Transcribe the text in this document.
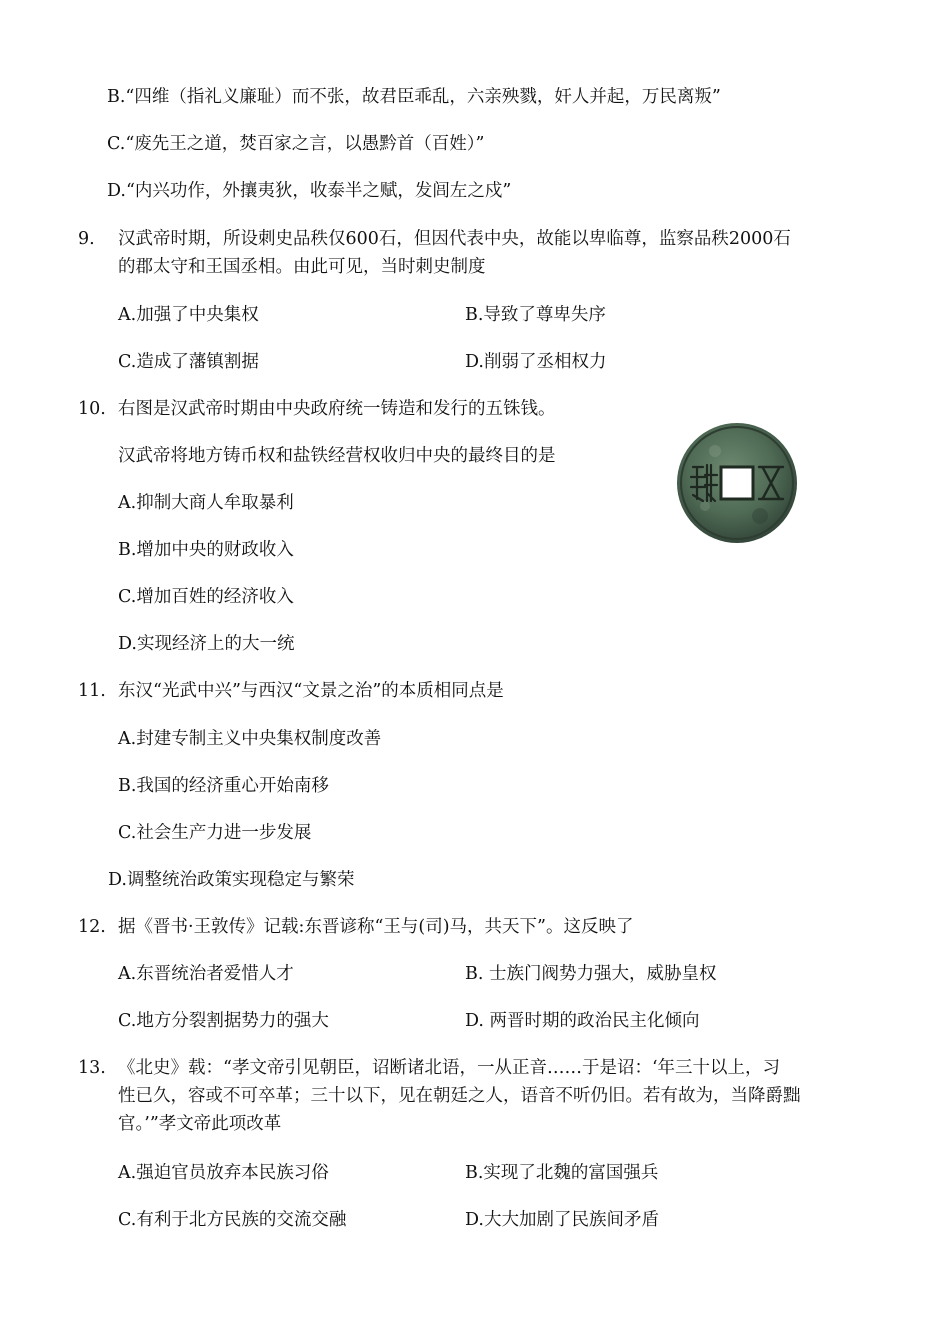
B.“四维（指礼义廉耻）而不张，故君臣乖乱，六亲殃戮，奸人并起，万民离叛”
C.“废先王之道，焚百家之言，以愚黔首（百姓）”
D.“内兴功作，外攘夷狄，收泰半之赋，发闾左之戍”
9. 汉武帝时期，所设刺史品秩仅600石，但因代表中央，故能以卑临尊，监察品秩2000石
的郡太守和王国丞相。由此可见，当时刺史制度
A.加强了中央集权	B.导致了尊卑失序
C.造成了藩镇割据	D.削弱了丞相权力
10. 右图是汉武帝时期由中央政府统一铸造和发行的五铢钱。
汉武帝将地方铸币权和盐铁经营权收归中央的最终目的是
A.抑制大商人牟取暴利
B.增加中央的财政收入
C.增加百姓的经济收入
D.实现经济上的大一统
11. 东汉“光武中兴”与西汉“文景之治”的本质相同点是
A.封建专制主义中央集权制度改善
B.我国的经济重心开始南移
C.社会生产力进一步发展
D.调整统治政策实现稳定与繁荣
12. 据《晋书·王敦传》记载:东晋谚称“王与(司)马，共天下”。这反映了
A.东晋统治者爱惜人才	B. 士族门阀势力强大，威胁皇权
C.地方分裂割据势力的强大	D. 两晋时期的政治民主化倾向
13. 《北史》载：“孝文帝引见朝臣，诏断诸北语，一从正音……于是诏：‘年三十以上，习
性已久，容或不可卒革；三十以下，见在朝廷之人，语音不听仍旧。若有故为，当降爵黜
官。’”孝文帝此项改革
A.强迫官员放弃本民族习俗	B.实现了北魏的富国强兵
C.有利于北方民族的交流交融	D.大大加剧了民族间矛盾
